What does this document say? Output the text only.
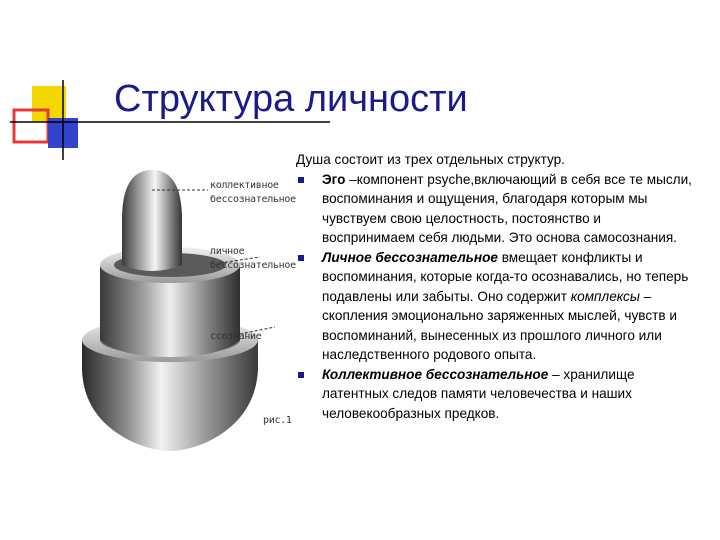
Структура личности
коллективное
бессознательное
личное
бессознательное
ссознание
рис.1

Душа состоит из трех отдельных структур.

Эго –компонент psyche,включающий в себя все те мысли, воспоминания и ощущения, благодаря которым мы чувствуем свою целостность, постоянство и воспринимаем себя людьми. Это основа самосознания.
Личное бессознательное вмещает конфликты и воспоминания, которые когда-то осознавались, но теперь подавлены или забыты. Оно содержит комплексы – скопления эмоционально заряженных мыслей, чувств и воспоминаний, вынесенных из прошлого личного или наследственного родового опыта.
Коллективное бессознательное – хранилище латентных следов памяти человечества и наших человекообразных предков.
